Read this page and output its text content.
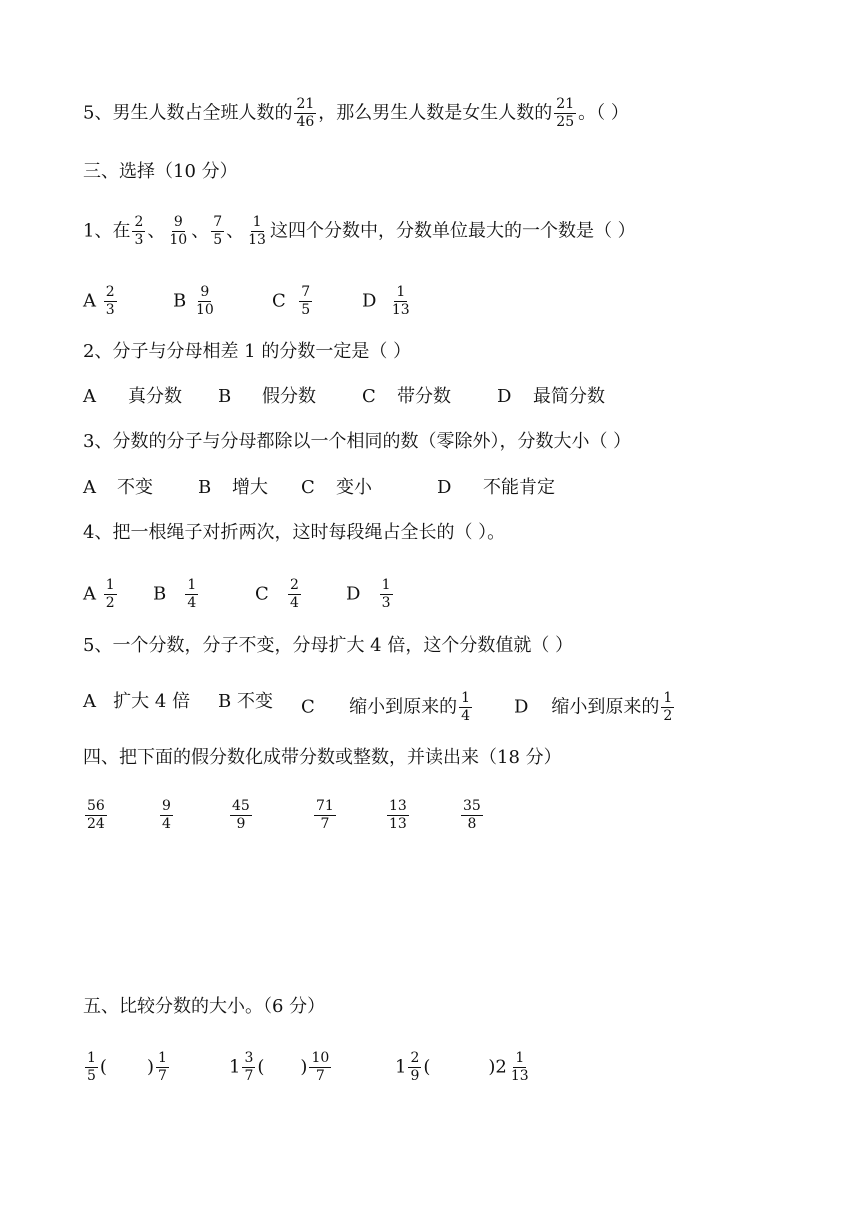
5、男生人数占全班人数的 $\frac{21}{46}$ ，那么男生人数是女生人数的 $\frac{21}{25}$ 。（ ）
三、选择（10 分）
1、在 $\frac{2}{3}$ 、 $\frac{9}{10}$ 、 $\frac{7}{5}$ 、 $\frac{1}{13}$ 这四个分数中，分数单位最大的一个数是（ ）
A $\frac{2}{3}$	B $\frac{9}{10}$	C $\frac{7}{5}$	D $\frac{1}{13}$
2、分子与分母相差 1 的分数一定是（ ）
A 真分数 B 假分数	C 带分数	D 最简分数
3、分数的分子与分母都除以一个相同的数（零除外），分数大小（ ）
A 不变	B 增大 C 变小	D 不能肯定
4、把一根绳子对折两次，这时每段绳占全长的（ ）。
A $\frac{1}{2}$ B $\frac{1}{4}$	C $\frac{2}{4}$	D $\frac{1}{3}$
5、一个分数，分子不变，分母扩大 4 倍，这个分数值就（ ）
A 扩大 4 倍 B 不变 C 缩小到原来的 $\frac{1}{4}$ D 缩小到原来的 $\frac{1}{2}$
四、把下面的假分数化成带分数或整数，并读出来（18 分）
$\frac{56}{24}$	$\frac{9}{4}$	$\frac{45}{9}$	$\frac{71}{7}$	$\frac{13}{13}$	$\frac{35}{8}$
五、比较分数的大小。（6 分）
$\frac{1}{5}$ ( ) $\frac{1}{7}$	$1 \frac{3}{7}$ ( ) $\frac{10}{7}$	$1 \frac{2}{9}$ (	)$2 \frac{1}{13}$
